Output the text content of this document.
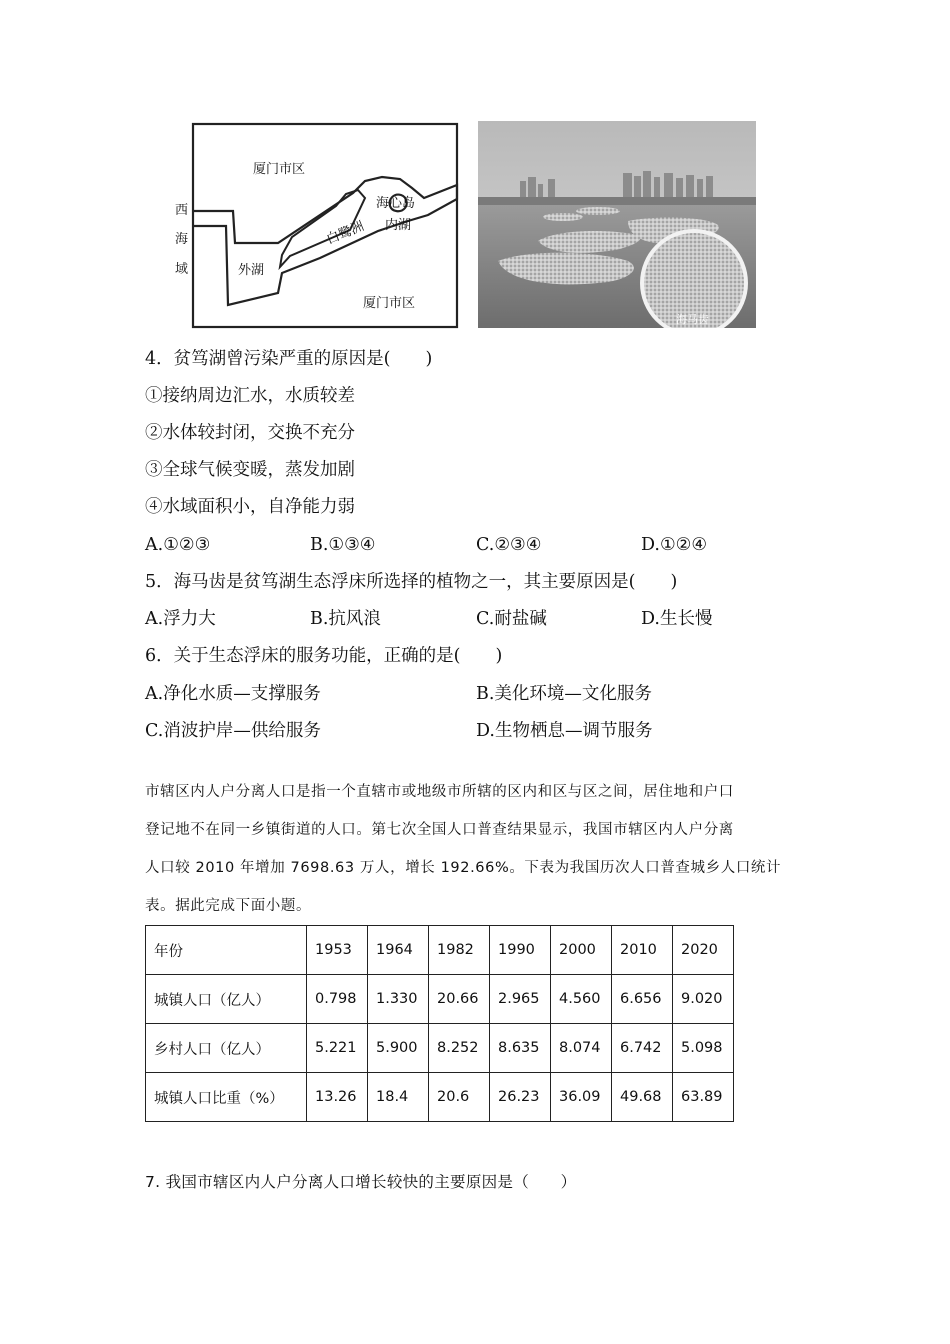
厦门市区
厦门市区
西
海
域	外湖
白鹭洲
海心岛
内湖
海马齿
4．贫笃湖曾污染严重的原因是(　　)
①接纳周边汇水，水质较差
②水体较封闭，交换不充分
③全球气候变暖，蒸发加剧
④水域面积小，自净能力弱
A.①②③	B.①③④	C.②③④	D.①②④
5．海马齿是贫笃湖生态浮床所选择的植物之一，其主要原因是(　　)
A.浮力大	B.抗风浪	C.耐盐碱	D.生长慢
6．关于生态浮床的服务功能，正确的是(　　)
A.净化水质—支撑服务	B.美化环境—文化服务
C.消波护岸—供给服务	D.生物栖息—调节服务
市辖区内人户分离人口是指一个直辖市或地级市所辖的区内和区与区之间，居住地和户口
登记地不在同一乡镇街道的人口。第七次全国人口普查结果显示，我国市辖区内人户分离
人口较 2010 年增加 7698.63 万人，增长 192.66%。下表为我国历次人口普查城乡人口统计
表。据此完成下面小题。
年份	1953	1964	1982	1990	2000	2010	2020
城镇人口（亿人）	0.798	1.330	20.66	2.965	4.560	6.656	9.020
乡村人口（亿人）	5.221	5.900	8.252	8.635	8.074	6.742	5.098
城镇人口比重（%）	13.26	18.4	20.6	26.23	36.09	49.68	63.89
7. 我国市辖区内人户分离人口增长较快的主要原因是（　　）
